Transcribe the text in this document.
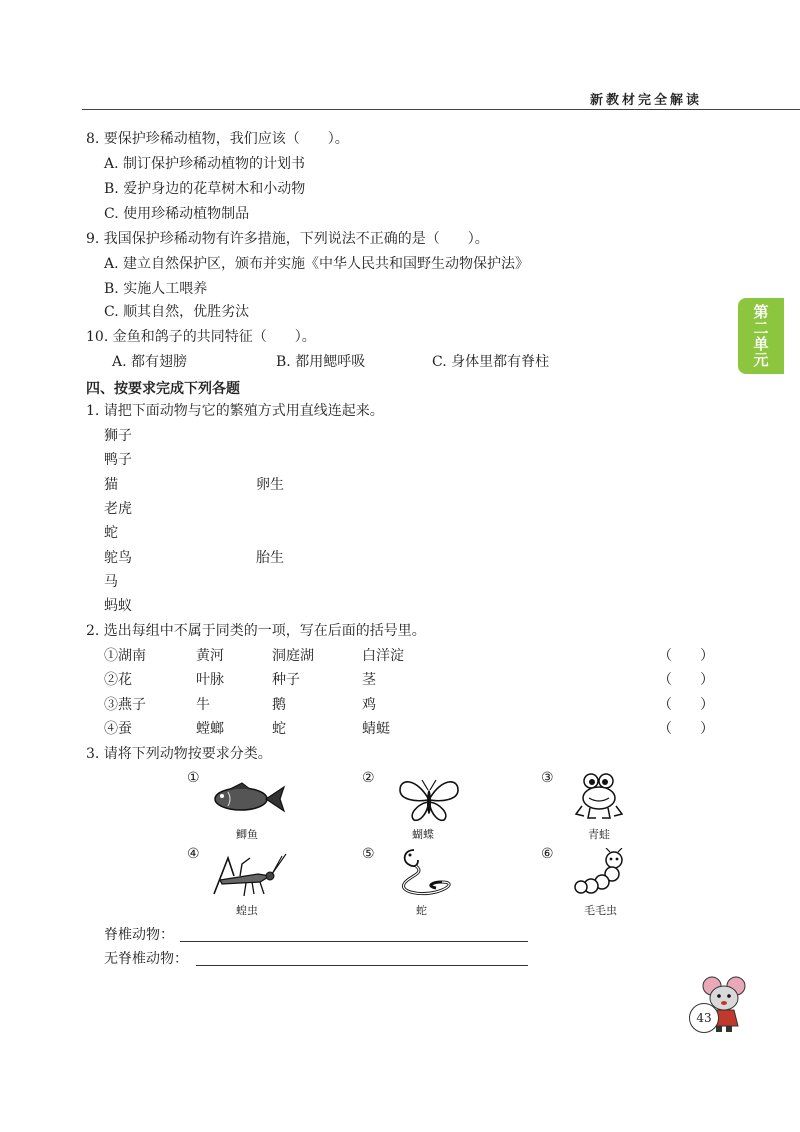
新教材完全解读
第二单元
8. 要保护珍稀动植物，我们应该（　　）。
A. 制订保护珍稀动植物的计划书
B. 爱护身边的花草树木和小动物
C. 使用珍稀动植物制品
9. 我国保护珍稀动物有许多措施，下列说法不正确的是（　　）。
A. 建立自然保护区，颁布并实施《中华人民共和国野生动物保护法》
B. 实施人工喂养
C. 顺其自然，优胜劣汰
10. 金鱼和鸽子的共同特征（　　）。
A. 都有翅膀	B. 都用鳃呼吸	C. 身体里都有脊柱
四、按要求完成下列各题
1. 请把下面动物与它的繁殖方式用直线连起来。
狮子
鸭子
猫
老虎
蛇
鸵鸟
马
蚂蚁
卵生
胎生
2. 选出每组中不属于同类的一项，写在后面的括号里。
①湖南	黄河	洞庭湖	白洋淀	（　　）
②花	叶脉	种子	茎	（　　）
③燕子	牛	鹅	鸡	（　　）
④蚕	螳螂	蛇	蜻蜓	（　　）
3. 请将下列动物按要求分类。
①
鲫鱼
②
蝴蝶
③
青蛙
④
蝗虫
⑤
蛇
⑥
毛毛虫
脊椎动物：
无脊椎动物：
43
